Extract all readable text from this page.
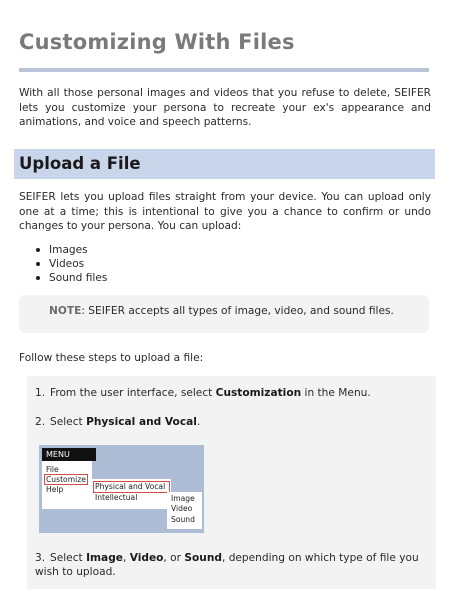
Customizing With Files

With all those personal images and videos that you refuse to delete, SEIFER lets you customize your persona to recreate your ex's appearance and animations, and voice and speech patterns.

Upload a File

SEIFER lets you upload files straight from your device. You can upload only one at a time; this is intentional to give you a chance to confirm or undo changes to your persona. You can upload:

Images
Videos
Sound files

NOTE: SEIFER accepts all types of image, video, and sound files.

Follow these steps to upload a file:

1. From the user interface, select Customization in the Menu.

2. Select Physical and Vocal.

MENU
File
Customize
Help	Physical and Vocal
Intellectual	Image
Video
Sound

3. Select Image, Video, or Sound, depending on which type of file you wish to upload.
